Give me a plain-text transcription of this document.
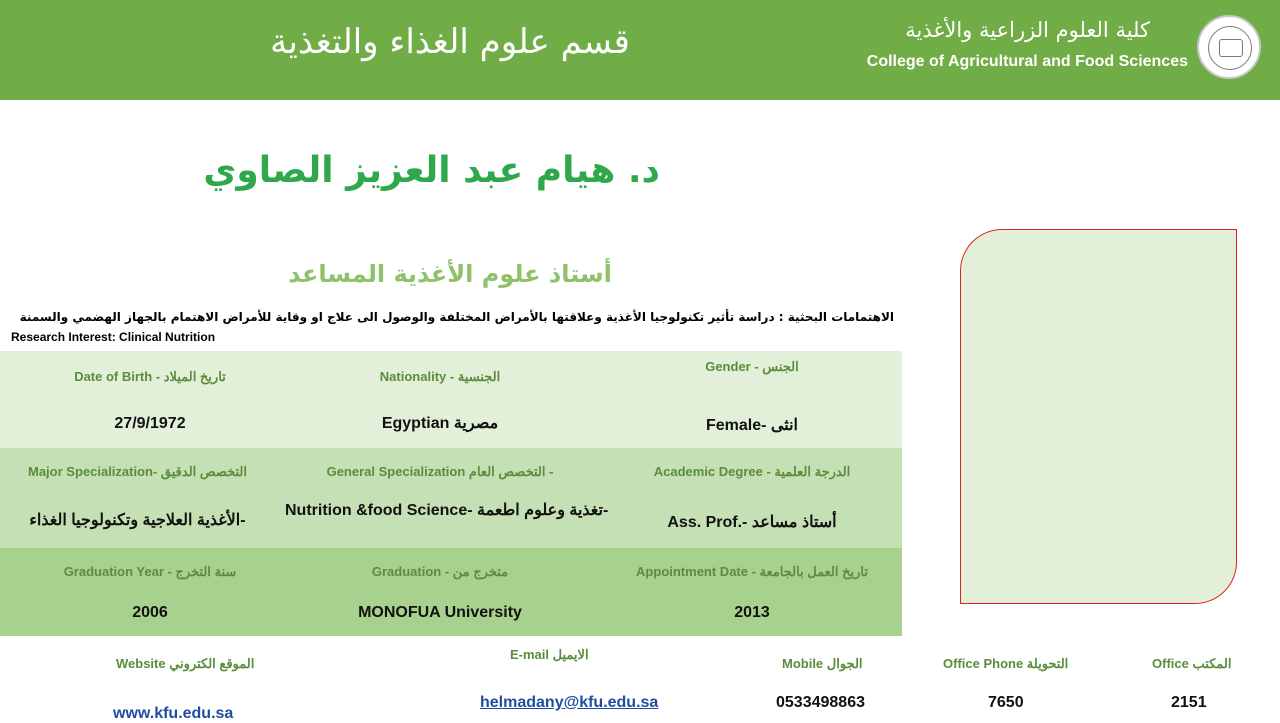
قسم علوم الغذاء والتغذية	كلية العلوم الزراعية والأغذية
College of Agricultural and Food Sciences
د. هيام عبد العزيز الصاوي
أستاذ علوم الأغذية المساعد
الاهتمامات البحثية : دراسة تأثير تكنولوجيا الأغذية وعلاقتها بالأمراض المختلفة والوصول الى علاج او وقاية للأمراض الاهتمام بالجهاز الهضمي والسمنة
Research Interest: Clinical Nutrition
Date of Birth - تاريخ الميلاد
27/9/1972
Nationality - الجنسية
Egyptian مصرية
Gender - الجنس
Female- انثى
Major Specialization- التخصص الدقيق
الأغذية العلاجية وتكنولوجيا الغذاء-
General Specialization التخصص العام -
Nutrition &food Science- تغذية وعلوم اطعمة-
Academic Degree - الدرجة العلمية
Ass. Prof.- أستاذ مساعد
Graduation Year - سنة التخرج
2006
Graduation - متخرج من
MONOFUA University
Appointment Date - تاريخ العمل بالجامعة
2013
Website الموقع الكتروني
www.kfu.edu.sa
E-mail الايميل
helmadany@kfu.edu.sa
Mobile الجوال
0533498863
Office Phone التحويلة
7650
Office المكتب
2151
